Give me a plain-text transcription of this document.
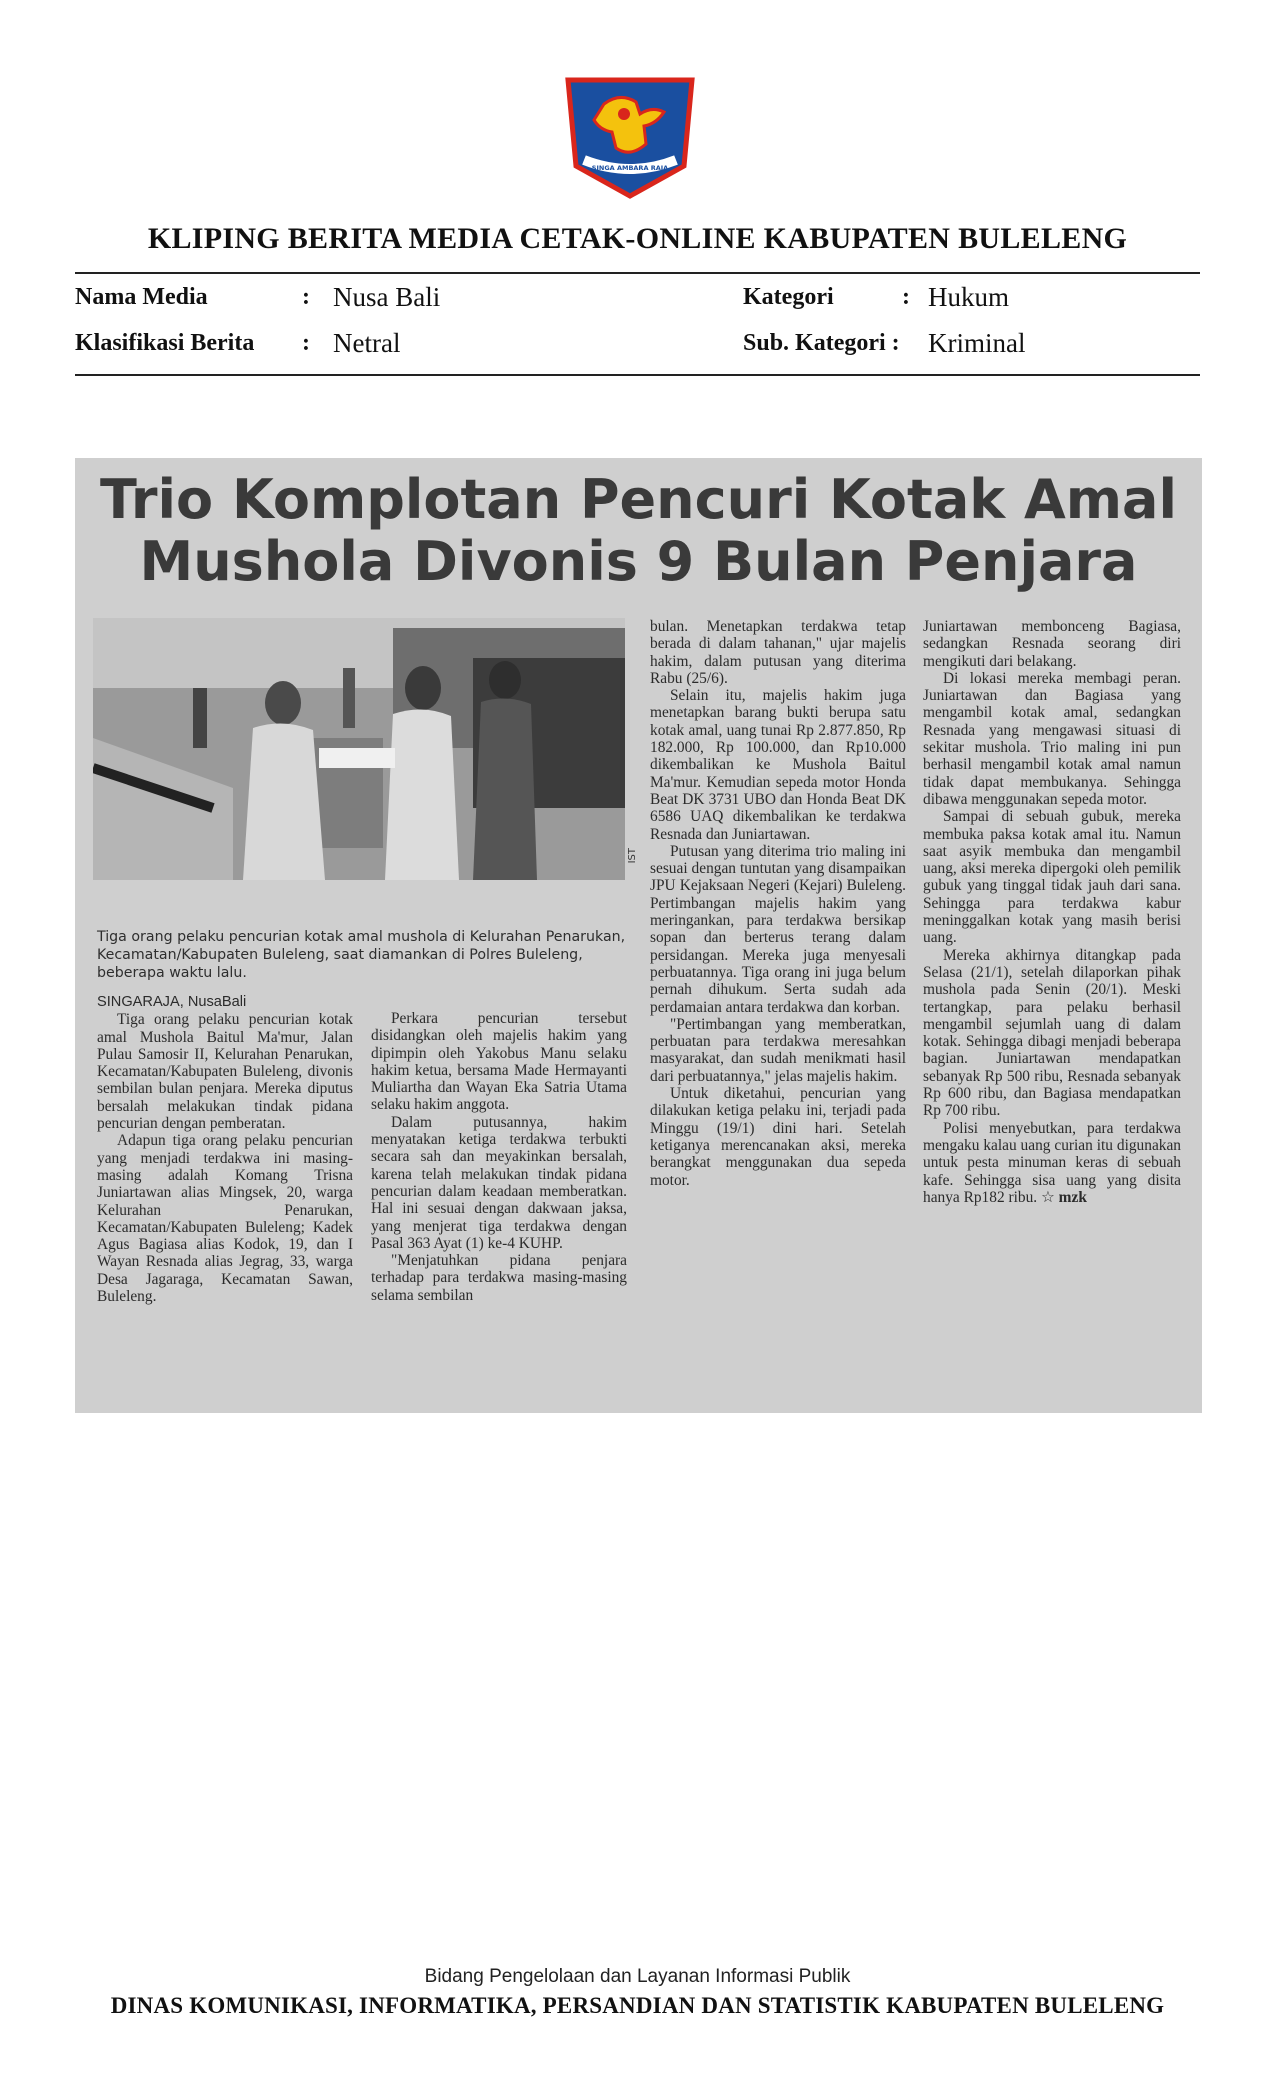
SINGA AMBARA RAJA
KLIPING BERITA MEDIA CETAK-ONLINE KABUPATEN BULELENG
Nama Media	: Nusa Bali	Kategori	: Hukum
Klasifikasi Berita : Netral	Sub. Kategori : Kriminal
Trio Komplotan Pencuri Kotak Amal
Mushola Divonis 9 Bulan Penjara
IST
Tiga orang pelaku pencurian kotak amal mushola di Kelurahan Penarukan, Kecamatan/Kabupaten Buleleng, saat diamankan di Polres Buleleng, beberapa waktu lalu.

SINGARAJA, NusaBali

Tiga orang pelaku pencurian kotak amal Mushola Baitul Ma'mur, Jalan Pulau Samosir II, Kelurahan Penarukan, Kecamatan/Kabupaten Buleleng, divonis sembilan bulan penjara. Mereka diputus bersalah melakukan tindak pidana pencurian dengan pemberatan.

Adapun tiga orang pelaku pencurian yang menjadi terdakwa ini masing-masing adalah Komang Trisna Juniartawan alias Mingsek, 20, warga Kelurahan Penarukan, Kecamatan/Kabupaten Buleleng; Kadek Agus Bagiasa alias Kodok, 19, dan I Wayan Resnada alias Jegrag, 33, warga Desa Jagaraga, Kecamatan Sawan, Buleleng.

Perkara pencurian tersebut disidangkan oleh majelis hakim yang dipimpin oleh Yakobus Manu selaku hakim ketua, bersama Made Hermayanti Muliartha dan Wayan Eka Satria Utama selaku hakim anggota.

Dalam putusannya, hakim menyatakan ketiga terdakwa terbukti secara sah dan meyakinkan bersalah, karena telah melakukan tindak pidana pencurian dalam keadaan memberatkan. Hal ini sesuai dengan dakwaan jaksa, yang menjerat tiga terdakwa dengan Pasal 363 Ayat (1) ke-4 KUHP.

"Menjatuhkan pidana penjara terhadap para terdakwa masing-masing selama sembilan

bulan. Menetapkan terdakwa tetap berada di dalam tahanan," ujar majelis hakim, dalam putusan yang diterima Rabu (25/6).

Selain itu, majelis hakim juga menetapkan barang bukti berupa satu kotak amal, uang tunai Rp 2.877.850, Rp 182.000, Rp 100.000, dan Rp10.000 dikembalikan ke Mushola Baitul Ma'mur. Kemudian sepeda motor Honda Beat DK 3731 UBO dan Honda Beat DK 6586 UAQ dikembalikan ke terdakwa Resnada dan Juniartawan.

Putusan yang diterima trio maling ini sesuai dengan tuntutan yang disampaikan JPU Kejaksaan Negeri (Kejari) Buleleng. Pertimbangan majelis hakim yang meringankan, para terdakwa bersikap sopan dan berterus terang dalam persidangan. Mereka juga menyesali perbuatannya. Tiga orang ini juga belum pernah dihukum. Serta sudah ada perdamaian antara terdakwa dan korban.

"Pertimbangan yang memberatkan, perbuatan para terdakwa meresahkan masyarakat, dan sudah menikmati hasil dari perbuatannya," jelas majelis hakim.

Untuk diketahui, pencurian yang dilakukan ketiga pelaku ini, terjadi pada Minggu (19/1) dini hari. Setelah ketiganya merencanakan aksi, mereka berangkat menggunakan dua sepeda motor.

Juniartawan membonceng Bagiasa, sedangkan Resnada seorang diri mengikuti dari belakang.

Di lokasi mereka membagi peran. Juniartawan dan Bagiasa yang mengambil kotak amal, sedangkan Resnada yang mengawasi situasi di sekitar mushola. Trio maling ini pun berhasil mengambil kotak amal namun tidak dapat membukanya. Sehingga dibawa menggunakan sepeda motor.

Sampai di sebuah gubuk, mereka membuka paksa kotak amal itu. Namun saat asyik membuka dan mengambil uang, aksi mereka dipergoki oleh pemilik gubuk yang tinggal tidak jauh dari sana. Sehingga para terdakwa kabur meninggalkan kotak yang masih berisi uang.

Mereka akhirnya ditangkap pada Selasa (21/1), setelah dilaporkan pihak mushola pada Senin (20/1). Meski tertangkap, para pelaku berhasil mengambil sejumlah uang di dalam kotak. Sehingga dibagi menjadi beberapa bagian. Juniartawan mendapatkan sebanyak Rp 500 ribu, Resnada sebanyak Rp 600 ribu, dan Bagiasa mendapatkan Rp 700 ribu.

Polisi menyebutkan, para terdakwa mengaku kalau uang curian itu digunakan untuk pesta minuman keras di sebuah kafe. Sehingga sisa uang yang disita hanya Rp182 ribu. ☆ mzk

Bidang Pengelolaan dan Layanan Informasi Publik
DINAS KOMUNIKASI, INFORMATIKA, PERSANDIAN DAN STATISTIK KABUPATEN BULELENG
